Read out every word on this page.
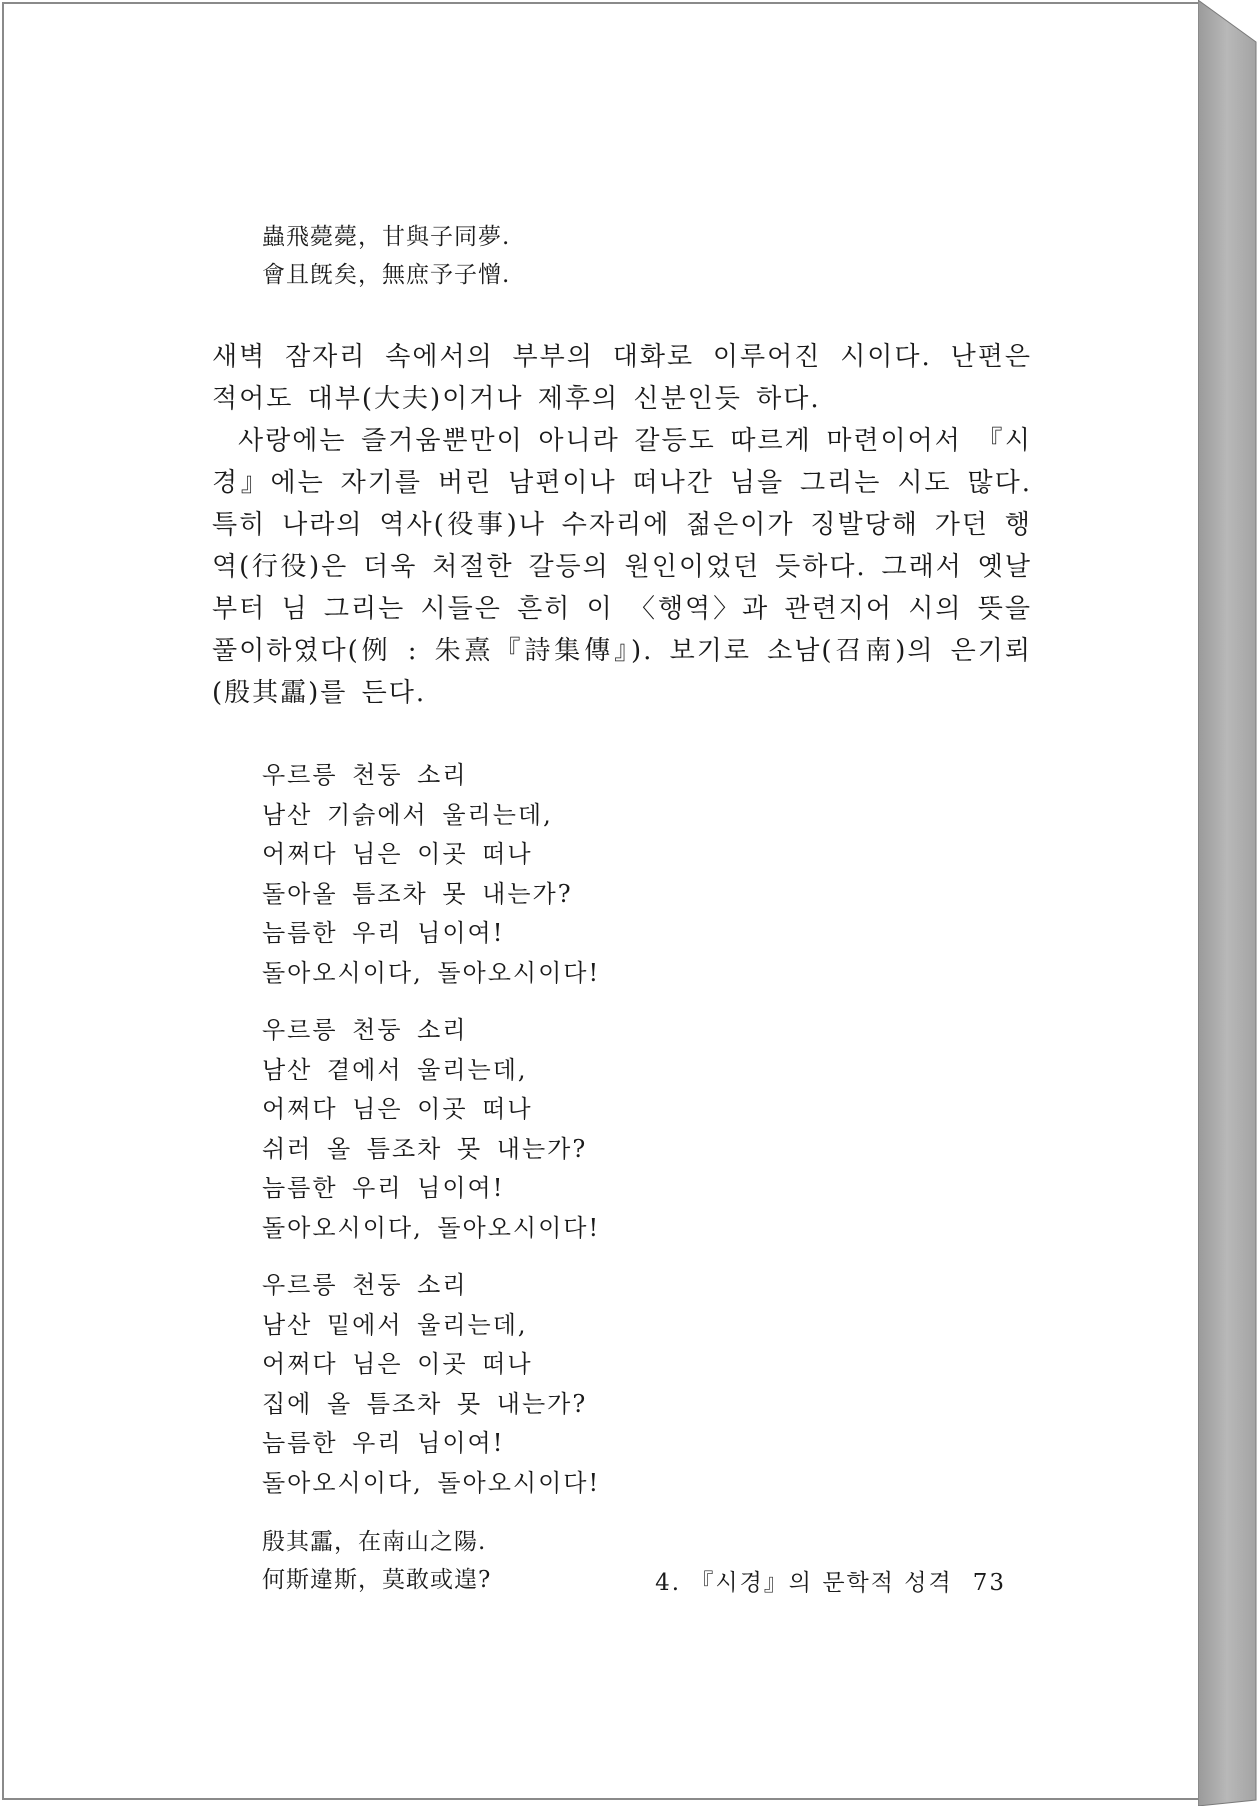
蟲飛薨薨，甘與子同夢.
會且旣矣，無庶予子憎.

새벽 잠자리 속에서의 부부의 대화로 이루어진 시이다. 난편은 적어도 대부(大夫)이거나 제후의 신분인듯 하다.

사랑에는 즐거움뿐만이 아니라 갈등도 따르게 마련이어서 『시경』에는 자기를 버린 남편이나 떠나간 님을 그리는 시도 많다. 특히 나라의 역사(役事)나 수자리에 젊은이가 징발당해 가던 행역(行役)은 더욱 처절한 갈등의 원인이었던 듯하다. 그래서 옛날부터 님 그리는 시들은 흔히 이 〈행역〉과 관련지어 시의 뜻을 풀이하였다(例 : 朱熹『詩集傳』). 보기로 소남(召南)의 은기뢰(殷其靁)를 든다.

우르릉 천둥 소리
남산 기슭에서 울리는데,
어쩌다 님은 이곳 떠나
돌아올 틈조차 못 내는가?
늠름한 우리 님이여!
돌아오시이다, 돌아오시이다!
우르릉 천둥 소리
남산 곁에서 울리는데,
어쩌다 님은 이곳 떠나
쉬러 올 틈조차 못 내는가?
늠름한 우리 님이여!
돌아오시이다, 돌아오시이다!
우르릉 천둥 소리
남산 밑에서 울리는데,
어쩌다 님은 이곳 떠나
집에 올 틈조차 못 내는가?
늠름한 우리 님이여!
돌아오시이다, 돌아오시이다!
殷其靁，在南山之陽.
何斯違斯，莫敢或遑?	4. 『시경』의 문학적 성격 73
